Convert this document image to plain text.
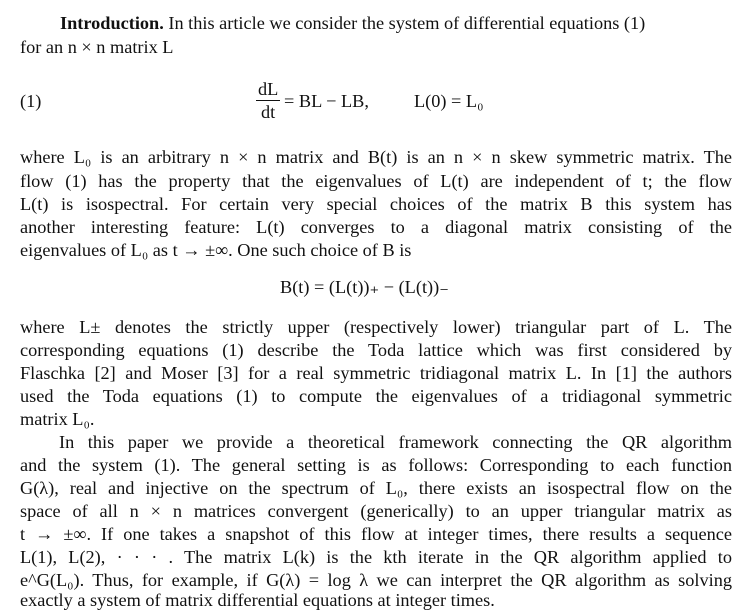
Introduction. In this article we consider the system of differential equations (1)
for an n × n matrix L
(1)	$\frac{dL}{dt}$ = BL − LB, L(0) = L₀
where L₀ is an arbitrary n × n matrix and B(t) is an n × n skew symmetric matrix. The
flow (1) has the property that the eigenvalues of L(t) are independent of t; the flow
L(t) is isospectral. For certain very special choices of the matrix B this system has
another interesting feature: L(t) converges to a diagonal matrix consisting of the
eigenvalues of L₀ as t → ±∞. One such choice of B is
B(t) = (L(t))₊ − (L(t))₋
where L± denotes the strictly upper (respectively lower) triangular part of L. The
corresponding equations (1) describe the Toda lattice which was first considered by
Flaschka [2] and Moser [3] for a real symmetric tridiagonal matrix L. In [1] the authors
used the Toda equations (1) to compute the eigenvalues of a tridiagonal symmetric
matrix L₀.
In this paper we provide a theoretical framework connecting the QR algorithm
and the system (1). The general setting is as follows: Corresponding to each function
G(λ), real and injective on the spectrum of L₀, there exists an isospectral flow on the
space of all n × n matrices convergent (generically) to an upper triangular matrix as
t → ±∞. If one takes a snapshot of this flow at integer times, there results a sequence
L(1), L(2), · · · . The matrix L(k) is the kth iterate in the QR algorithm applied to
e^G(L₀). Thus, for example, if G(λ) = log λ we can interpret the QR algorithm as solving
exactly a system of matrix differential equations at integer times.
